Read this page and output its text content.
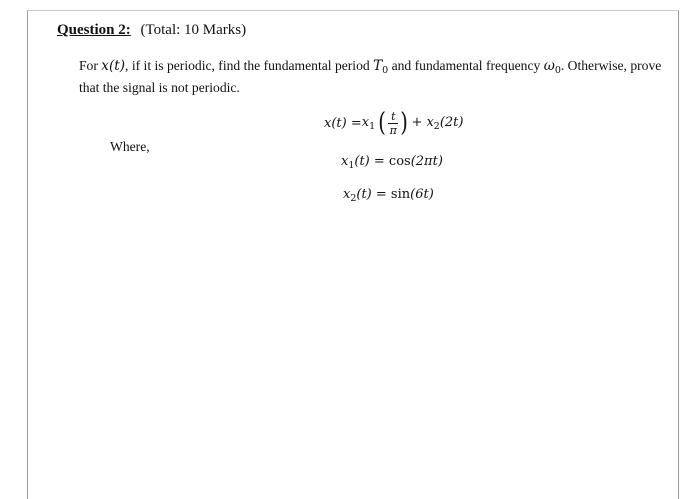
Question 2: (Total: 10 Marks)
For x(t), if it is periodic, find the fundamental period $T_0$ and fundamental frequency $\omega_0$. Otherwise, prove that the signal is not periodic.
$x(t) = x_1$ ( $\frac{t}{\pi}$ ) + $x_2(2t)$
Where,
$x_1(t) = \cos(2\pi t)$
$x_2(t) = \sin(6t)$
